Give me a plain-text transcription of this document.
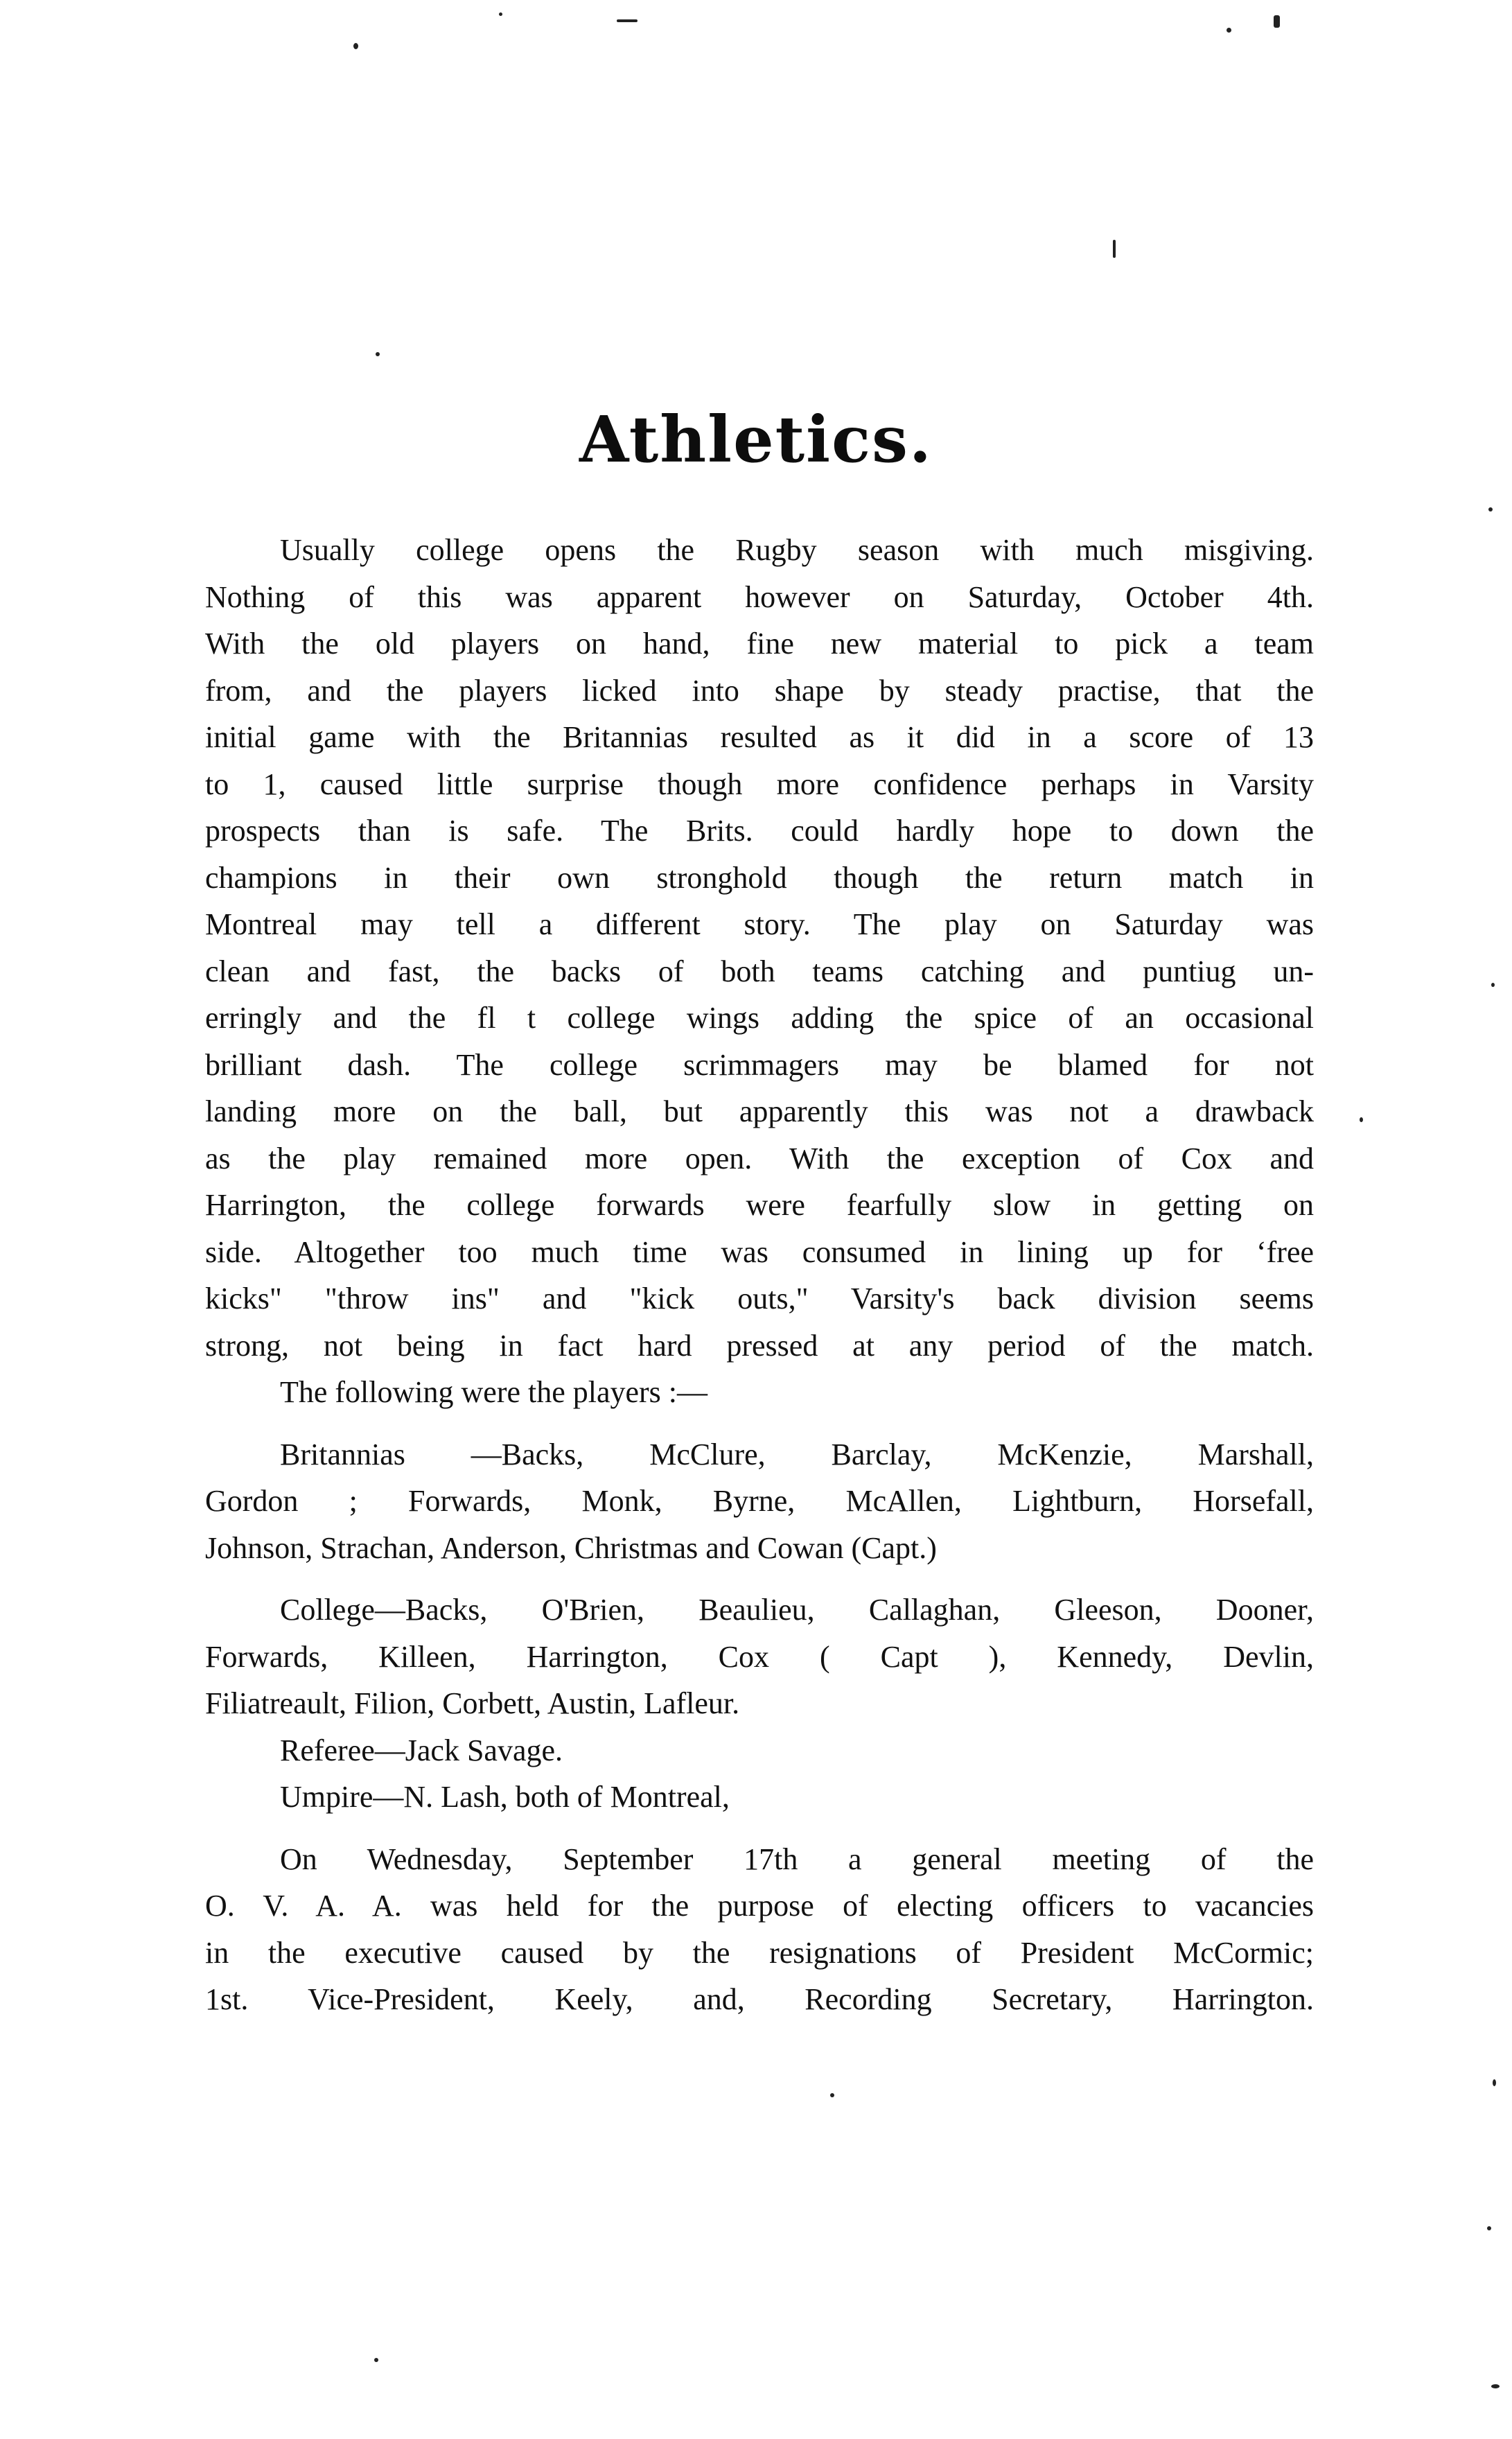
Athletics.
Usually college opens the Rugby season with much misgiving.
Nothing of this was apparent however on Saturday, October 4th.
With the old players on hand, fine new material to pick a team
from, and the players licked into shape by steady practise, that the
initial game with the Britannias resulted as it did in a score of 13
to 1, caused little surprise though more confidence perhaps in Varsity
prospects than is safe. The Brits. could hardly hope to down the
champions in their own stronghold though the return match in
Montreal may tell a different story. The play on Saturday was
clean and fast, the backs of both teams catching and puntiug un-
erringly and the fl t college wings adding the spice of an occasional
brilliant dash. The college scrimmagers may be blamed for not
landing more on the ball, but apparently this was not a drawback
as the play remained more open. With the exception of Cox and
Harrington, the college forwards were fearfully slow in getting on
side. Altogether too much time was consumed in lining up for ‘free
kicks" "throw ins" and "kick outs," Varsity's back division seems
strong, not being in fact hard pressed at any period of the match.
The following were the players :—
Britannias —Backs, McClure, Barclay, McKenzie, Marshall,
Gordon ; Forwards, Monk, Byrne, McAllen, Lightburn, Horsefall,
Johnson, Strachan, Anderson, Christmas and Cowan (Capt.)
College—Backs, O'Brien, Beaulieu, Callaghan, Gleeson, Dooner,
Forwards, Killeen, Harrington, Cox ( Capt ), Kennedy, Devlin,
Filiatreault, Filion, Corbett, Austin, Lafleur.
Referee—Jack Savage.
Umpire—N. Lash, both of Montreal,
On Wednesday, September 17th a general meeting of the
O. V. A. A. was held for the purpose of electing officers to vacancies
in the executive caused by the resignations of President McCormic;
1st. Vice-President, Keely, and, Recording Secretary, Harrington.
